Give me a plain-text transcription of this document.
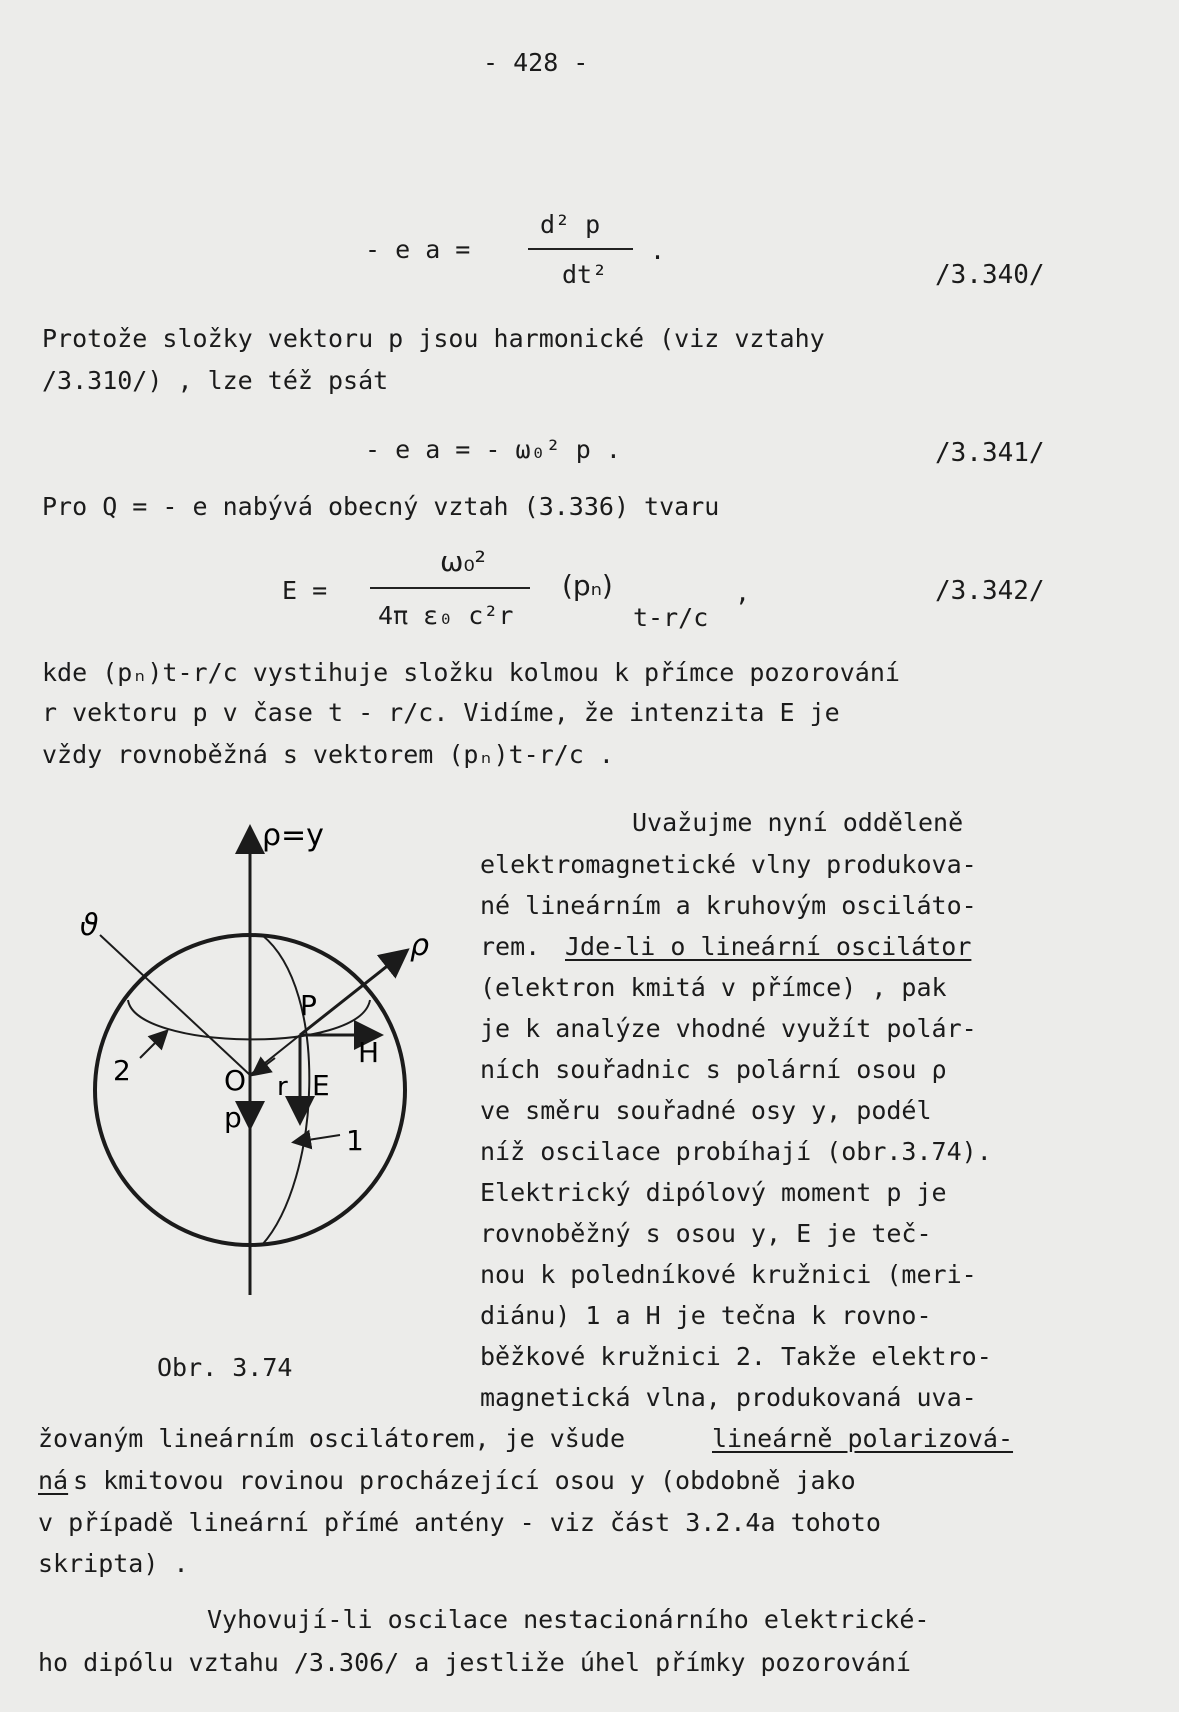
- 428 -
- e a =
d² p
dt²
.
/3.340/
Protože složky vektoru p jsou harmonické (viz vztahy
/3.310/) , lze též psát
- e a = - ω₀² p .	/3.341/
Pro Q = - e nabývá obecný vztah (3.336) tvaru
E =
ω₀²
4π ε₀ c²r
(pₙ)
t-r/c
,	/3.342/
kde (pₙ)t-r/c vystihuje složku kolmou k přímce pozorování
r vektoru p v čase t - r/c. Vidíme, že intenzita E je
vždy rovnoběžná s vektorem (pₙ)t-r/c .
Uvažujme nyní odděleně
elektromagnetické vlny produkova-
né lineárním a kruhovým osciláto-
rem. Jde-li o lineární oscilátor
(elektron kmitá v přímce) , pak
je k analýze vhodné využít polár-
ních souřadnic s polární osou ρ
ve směru souřadné osy y, podél
níž oscilace probíhají (obr.3.74).
Elektrický dipólový moment p je
rovnoběžný s osou y, E je teč-
nou k poledníkové kružnici (meri-
diánu) 1 a H je tečna k rovno-
běžkové kružnici 2. Takže elektro-
magnetická vlna, produkovaná uva-
Obr. 3.74
žovaným lineárním oscilátorem, je všude	lineárně polarizová-
ná s kmitovou rovinou procházející osou y (obdobně jako
v případě lineární přímé antény - viz část 3.2.4a tohoto
skripta) .
Vyhovují-li oscilace nestacionárního elektrické-
ho dipólu vztahu /3.306/ a jestliže úhel přímky pozorování
ρ=y
ϑ
ρ
P
H
2	O r E
p
1
